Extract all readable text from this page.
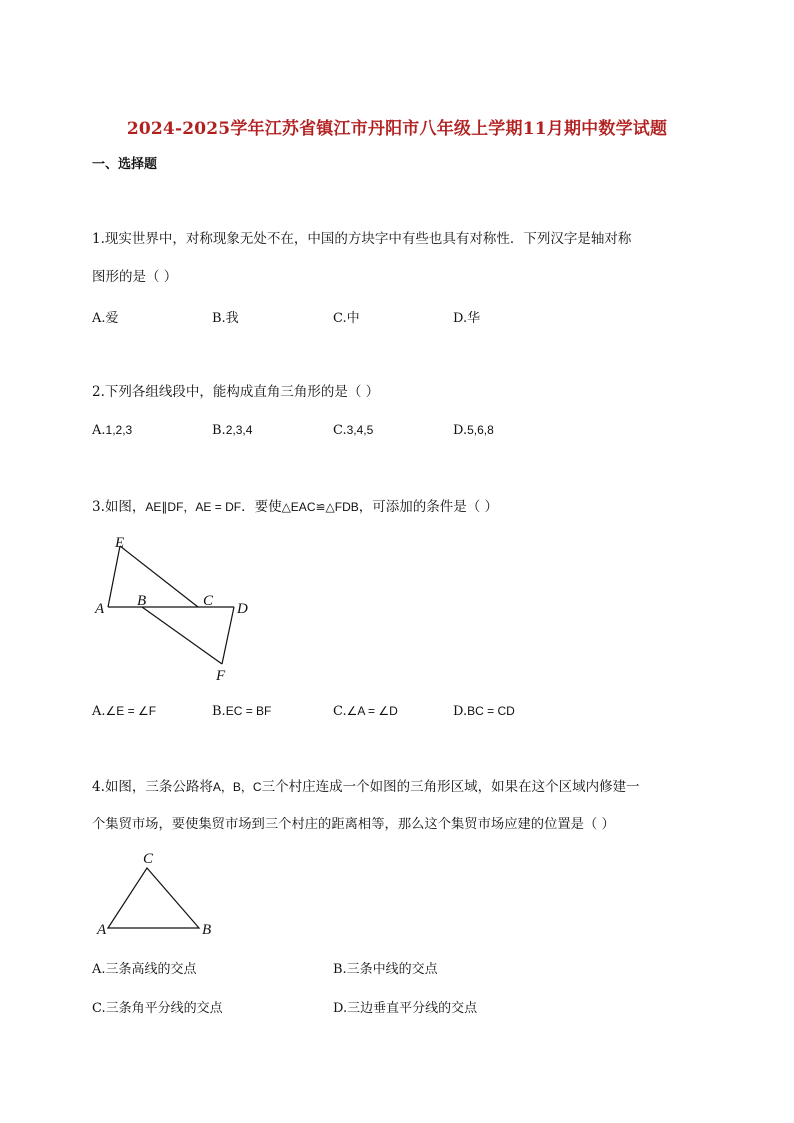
2024-2025学年江苏省镇江市丹阳市八年级上学期11月期中数学试题
一、选择题
1.现实世界中，对称现象无处不在，中国的方块字中有些也具有对称性．下列汉字是轴对称
图形的是（ ）
A.爱	B.我	C.中	D.华
2.下列各组线段中，能构成直角三角形的是（ ）
A.1,2,3	B.2,3,4	C.3,4,5	D.5,6,8
3.如图，AE∥DF，AE = DF．要使△EAC≌△FDB，可添加的条件是（ ）
E
A B	C D
F
A.∠E = ∠F	B.EC = BF	C.∠A = ∠D	D.BC = CD
4.如图，三条公路将A，B，C三个村庄连成一个如图的三角形区域，如果在这个区域内修建一
个集贸市场，要使集贸市场到三个村庄的距离相等，那么这个集贸市场应建的位置是（ ）
C
A	B
A.三条高线的交点	B.三条中线的交点
C.三条角平分线的交点	D.三边垂直平分线的交点
